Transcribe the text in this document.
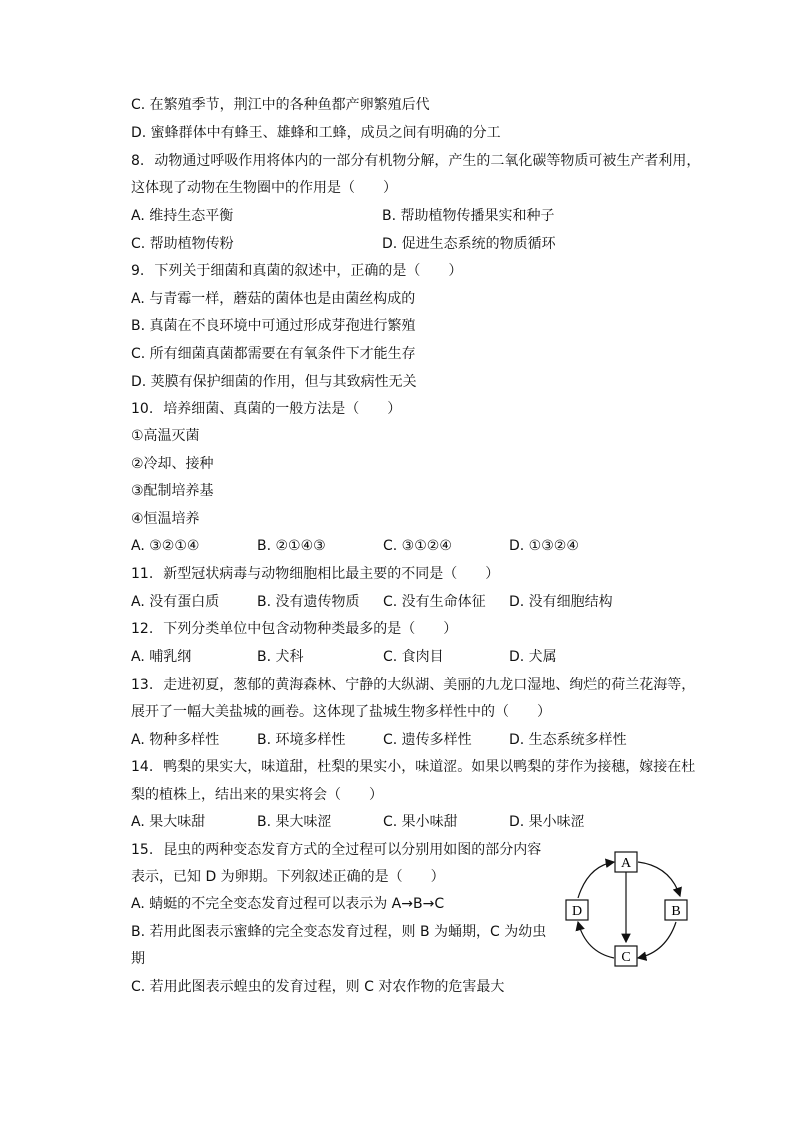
C. 在繁殖季节，荆江中的各种鱼都产卵繁殖后代
D. 蜜蜂群体中有蜂王、雄蜂和工蜂，成员之间有明确的分工
8. 动物通过呼吸作用将体内的一部分有机物分解，产生的二氧化碳等物质可被生产者利用，
这体现了动物在生物圈中的作用是（　　）
A. 维持生态平衡	B. 帮助植物传播果实和种子
C. 帮助植物传粉	D. 促进生态系统的物质循环
9. 下列关于细菌和真菌的叙述中，正确的是（　　）
A. 与青霉一样，蘑菇的菌体也是由菌丝构成的
B. 真菌在不良环境中可通过形成芽孢进行繁殖
C. 所有细菌真菌都需要在有氧条件下才能生存
D. 荚膜有保护细菌的作用，但与其致病性无关
10. 培养细菌、真菌的一般方法是（　　）
①高温灭菌
②冷却、接种
③配制培养基
④恒温培养
A. ③②①④	B. ②①④③	C. ③①②④	D. ①③②④
11. 新型冠状病毒与动物细胞相比最主要的不同是（　　）
A. 没有蛋白质	B. 没有遗传物质 C. 没有生命体征 D. 没有细胞结构
12. 下列分类单位中包含动物种类最多的是（　　）
A. 哺乳纲	B. 犬科	C. 食肉目	D. 犬属
13. 走进初夏，葱郁的黄海森林、宁静的大纵湖、美丽的九龙口湿地、绚烂的荷兰花海等，
展开了一幅大美盐城的画卷。这体现了盐城生物多样性中的（　　）
A. 物种多样性	B. 环境多样性	C. 遗传多样性	D. 生态系统多样性
14. 鸭梨的果实大，味道甜，杜梨的果实小，味道涩。如果以鸭梨的芽作为接穗，嫁接在杜
梨的植株上，结出来的果实将会（　　）
A. 果大味甜	B. 果大味涩	C. 果小味甜	D. 果小味涩
15. 昆虫的两种变态发育方式的全过程可以分别用如图的部分内容
表示，已知 D 为卵期。下列叙述正确的是（　　）
A. 蜻蜓的不完全变态发育过程可以表示为 A→B→C
B. 若用此图表示蜜蜂的完全变态发育过程，则 B 为蛹期，C 为幼虫
期
C. 若用此图表示蝗虫的发育过程，则 C 对农作物的危害最大
A
B
C
D
